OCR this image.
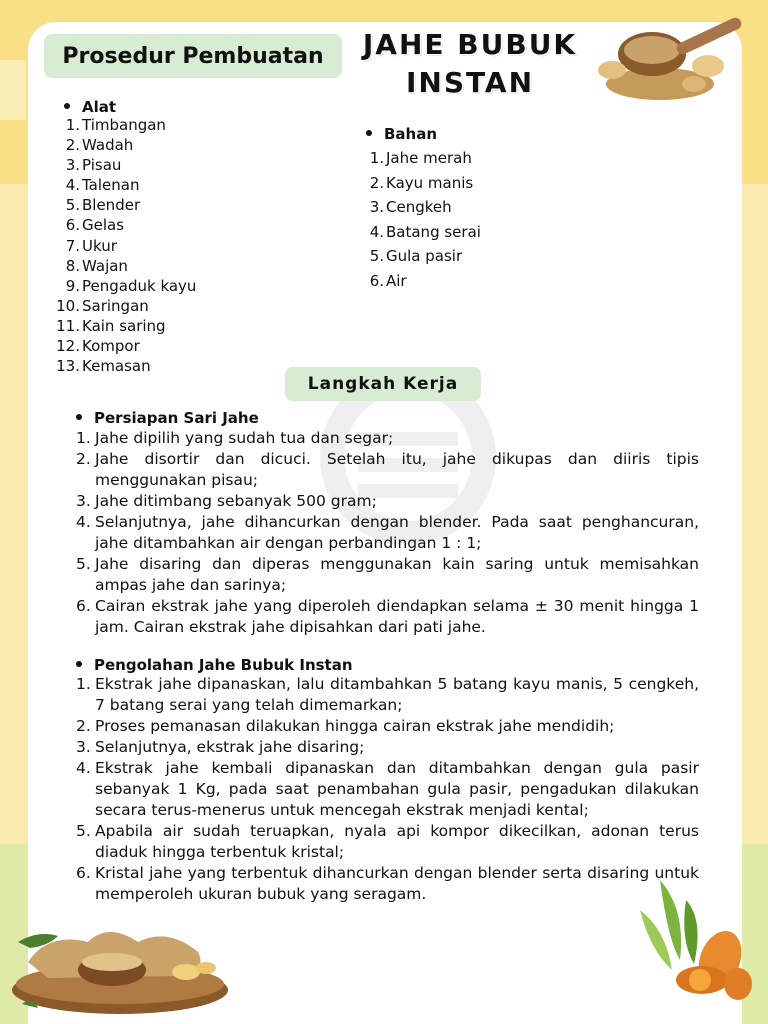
Prosedur Pembuatan	JAHE BUBUK INSTAN
Alat
1. Timbangan
2. Wadah
3. Pisau
4. Talenan
5. Blender
6. Gelas
7. Ukur
8. Wajan
9. Pengaduk kayu
10. Saringan
11. Kain saring
12. Kompor
13. Kemasan
Bahan
1. Jahe merah
2. Kayu manis
3. Cengkeh
4. Batang serai
5. Gula pasir
6. Air
Langkah Kerja
Persiapan Sari Jahe
1. Jahe dipilih yang sudah tua dan segar;
2. Jahe disortir dan dicuci. Setelah itu, jahe dikupas dan diiris tipis menggunakan pisau;
3. Jahe ditimbang sebanyak 500 gram;
4. Selanjutnya, jahe dihancurkan dengan blender. Pada saat penghancuran, jahe ditambahkan air dengan perbandingan 1 : 1;
5. Jahe disaring dan diperas menggunakan kain saring untuk memisahkan ampas jahe dan sarinya;
6. Cairan ekstrak jahe yang diperoleh diendapkan selama ± 30 menit hingga 1 jam. Cairan ekstrak jahe dipisahkan dari pati jahe.
Pengolahan Jahe Bubuk Instan
1. Ekstrak jahe dipanaskan, lalu ditambahkan 5 batang kayu manis, 5 cengkeh, 7 batang serai yang telah dimemarkan;
2. Proses pemanasan dilakukan hingga cairan ekstrak jahe mendidih;
3. Selanjutnya, ekstrak jahe disaring;
4. Ekstrak jahe kembali dipanaskan dan ditambahkan dengan gula pasir sebanyak 1 Kg, pada saat penambahan gula pasir, pengadukan dilakukan secara terus-menerus untuk mencegah ekstrak menjadi kental;
5. Apabila air sudah teruapkan, nyala api kompor dikecilkan, adonan terus diaduk hingga terbentuk kristal;
6. Kristal jahe yang terbentuk dihancurkan dengan blender serta disaring untuk memperoleh ukuran bubuk yang seragam.
